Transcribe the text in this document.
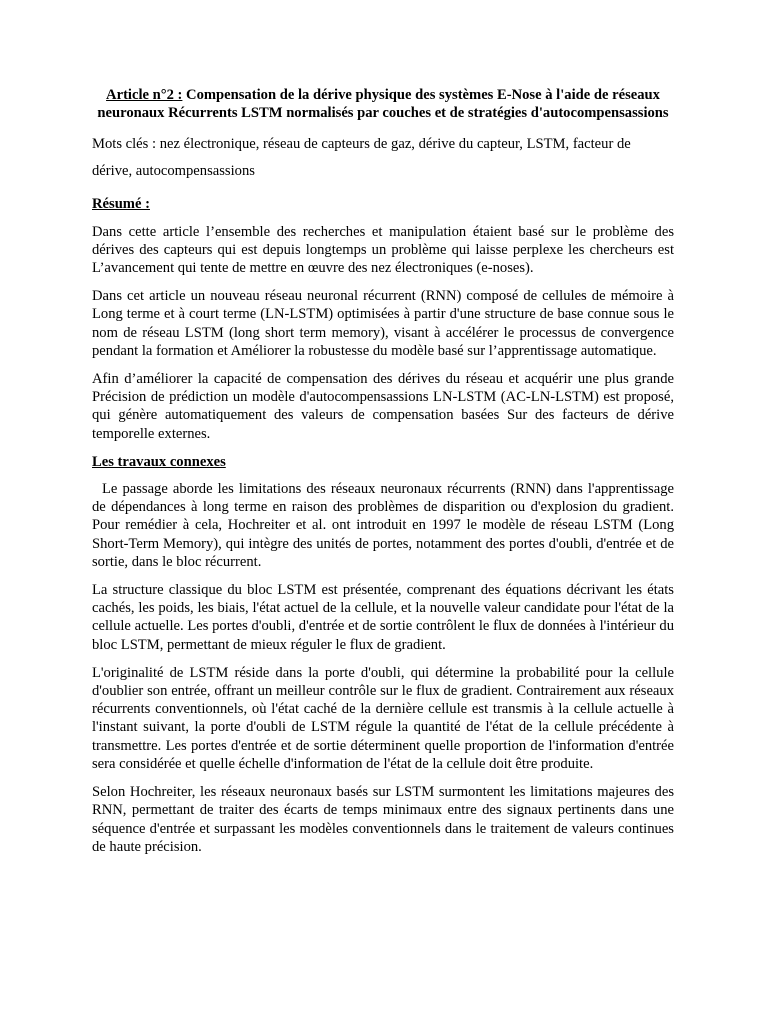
Article n°2 : Compensation de la dérive physique des systèmes E-Nose à l'aide de réseaux neuronaux Récurrents LSTM normalisés par couches et de stratégies d'autocompensassions
Mots clés : nez électronique, réseau de capteurs de gaz, dérive du capteur, LSTM, facteur de dérive, autocompensassions
Résumé :

Dans cette article l’ensemble des recherches et manipulation étaient basé sur le problème des dérives des capteurs qui est depuis longtemps un problème qui laisse perplexe les chercheurs est L’avancement qui tente de mettre en œuvre des nez électroniques (e-noses).

Dans cet article un nouveau réseau neuronal récurrent (RNN) composé de cellules de mémoire à Long terme et à court terme (LN-LSTM) optimisées à partir d'une structure de base connue sous le nom de réseau LSTM (long short term memory), visant à accélérer le processus de convergence pendant la formation et Améliorer la robustesse du modèle basé sur l’apprentissage automatique.

Afin d’améliorer la capacité de compensation des dérives du réseau et acquérir une plus grande Précision de prédiction un modèle d'autocompensassions LN-LSTM (AC-LN-LSTM) est proposé, qui génère automatiquement des valeurs de compensation basées Sur des facteurs de dérive temporelle externes.

Les travaux connexes

Le passage aborde les limitations des réseaux neuronaux récurrents (RNN) dans l'apprentissage de dépendances à long terme en raison des problèmes de disparition ou d'explosion du gradient. Pour remédier à cela, Hochreiter et al. ont introduit en 1997 le modèle de réseau LSTM (Long Short-Term Memory), qui intègre des unités de portes, notamment des portes d'oubli, d'entrée et de sortie, dans le bloc récurrent.

La structure classique du bloc LSTM est présentée, comprenant des équations décrivant les états cachés, les poids, les biais, l'état actuel de la cellule, et la nouvelle valeur candidate pour l'état de la cellule actuelle. Les portes d'oubli, d'entrée et de sortie contrôlent le flux de données à l'intérieur du bloc LSTM, permettant de mieux réguler le flux de gradient.

L'originalité de LSTM réside dans la porte d'oubli, qui détermine la probabilité pour la cellule d'oublier son entrée, offrant un meilleur contrôle sur le flux de gradient. Contrairement aux réseaux récurrents conventionnels, où l'état caché de la dernière cellule est transmis à la cellule actuelle à l'instant suivant, la porte d'oubli de LSTM régule la quantité de l'état de la cellule précédente à transmettre. Les portes d'entrée et de sortie déterminent quelle proportion de l'information d'entrée sera considérée et quelle échelle d'information de l'état de la cellule doit être produite.

Selon Hochreiter, les réseaux neuronaux basés sur LSTM surmontent les limitations majeures des RNN, permettant de traiter des écarts de temps minimaux entre des signaux pertinents dans une séquence d'entrée et surpassant les modèles conventionnels dans le traitement de valeurs continues de haute précision.
